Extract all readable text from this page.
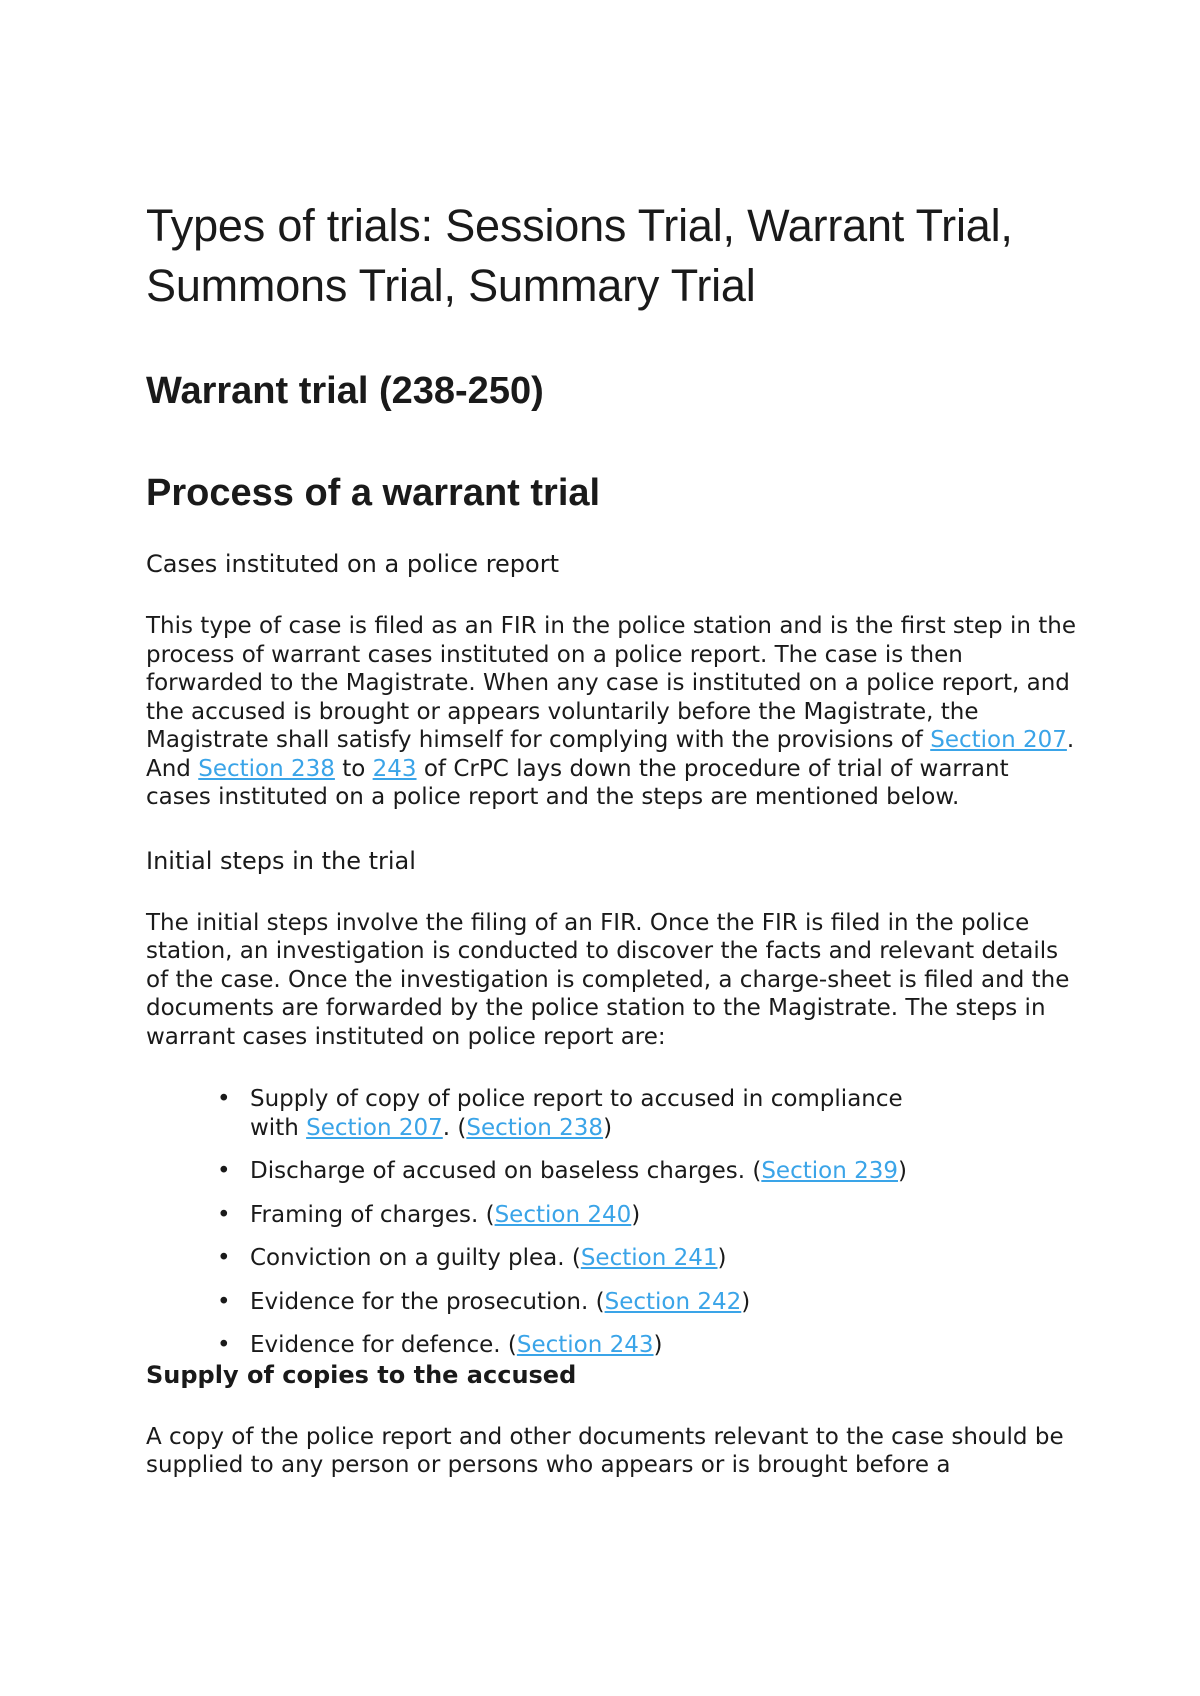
Types of trials: Sessions Trial, Warrant Trial,
Summons Trial, Summary Trial
Warrant trial (238-250)
Process of a warrant trial
Cases instituted on a police report

This type of case is filed as an FIR in the police station and is the first step in the process of warrant cases instituted on a police report. The case is then forwarded to the Magistrate. When any case is instituted on a police report, and the accused is brought or appears voluntarily before the Magistrate, the Magistrate shall satisfy himself for complying with the provisions of Section 207. And Section 238 to 243 of CrPC lays down the procedure of trial of warrant cases instituted on a police report and the steps are mentioned below.

Initial steps in the trial

The initial steps involve the filing of an FIR. Once the FIR is filed in the police station, an investigation is conducted to discover the facts and relevant details of the case. Once the investigation is completed, a charge-sheet is filed and the documents are forwarded by the police station to the Magistrate. The steps in warrant cases instituted on police report are:

• Supply of copy of police report to accused in compliance with Section 207. (Section 238)
• Discharge of accused on baseless charges. (Section 239)
• Framing of charges. (Section 240)
• Conviction on a guilty plea. (Section 241)
• Evidence for the prosecution. (Section 242)
• Evidence for defence. (Section 243)
Supply of copies to the accused

A copy of the police report and other documents relevant to the case should be supplied to any person or persons who appears or is brought before a
